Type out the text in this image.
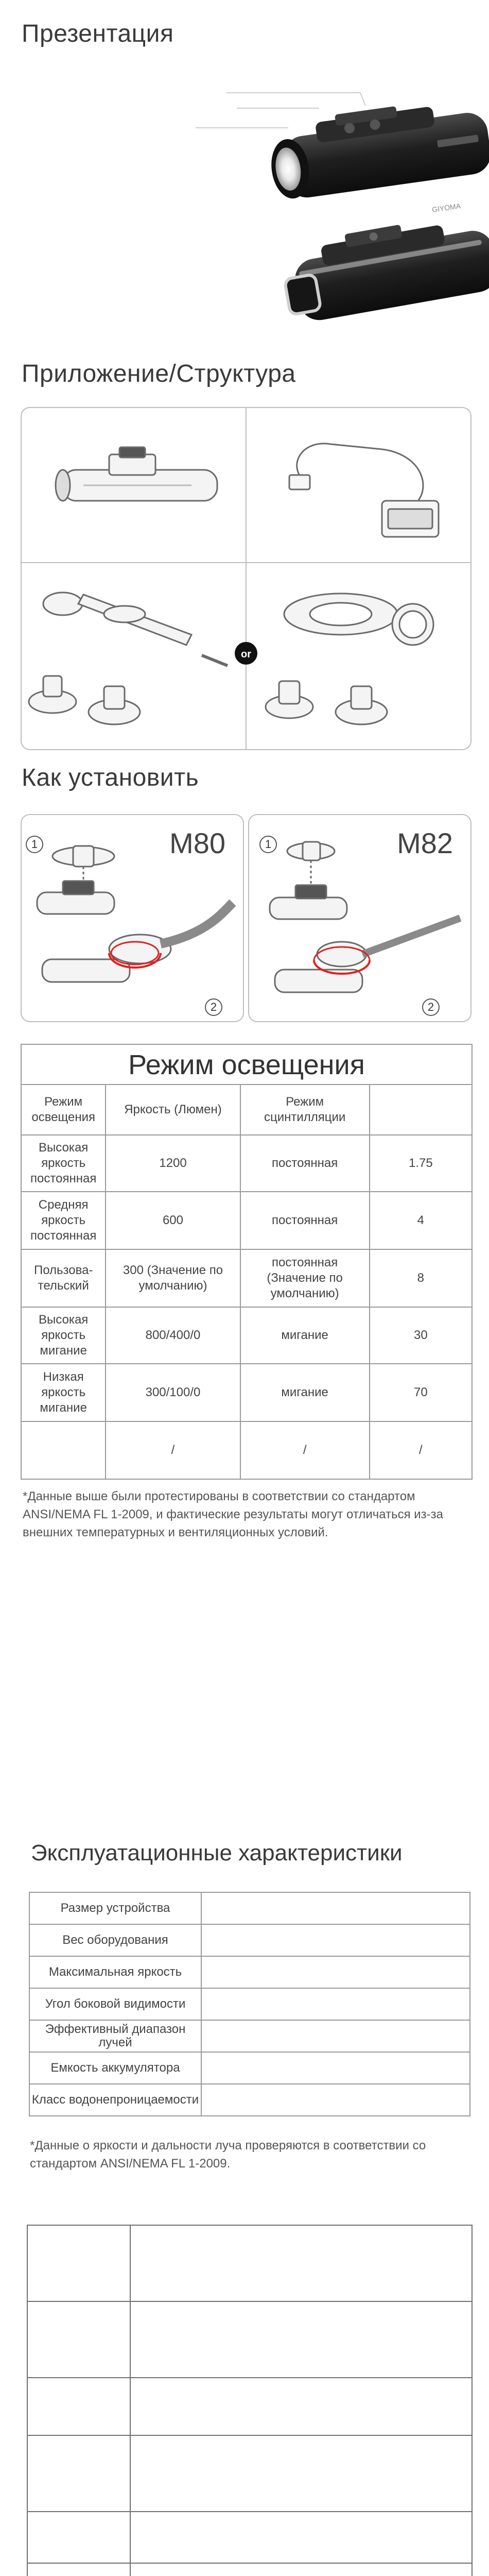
Презентация
GIYOMA
Приложение/Структура
or
Как установить
M80
1
2
M82
1
2
Режим освещения
Режим освещения	Яркость (Люмен)	Режим сцинтилляции	
Высокая яркость постоянная	1200	постоянная	1.75
Средняя яркость постоянная	600	постоянная	4
Пользова-тельский	300 (Значение по умолчанию)	постоянная (Значение по умолчанию)	8
Высокая яркость мигание	800/400/0	мигание	30
Низкая яркость мигание	300/100/0	мигание	70
	/	/	/
*Данные выше были протестированы в соответствии со стандартом ANSI/NEMA FL 1-2009, и фактические результаты могут отличаться из-за внешних температурных и вентиляционных условий.
Эксплуатационные характеристики
Размер устройства	
Вес оборудования	
Максимальная яркость	
Угол боковой видимости	
Эффективный диапазон лучей	
Емкость аккумулятора	
Класс водонепроницаемости	
*Данные о яркости и дальности луча проверяются в соответствии со стандартом ANSI/NEMA FL 1-2009.
